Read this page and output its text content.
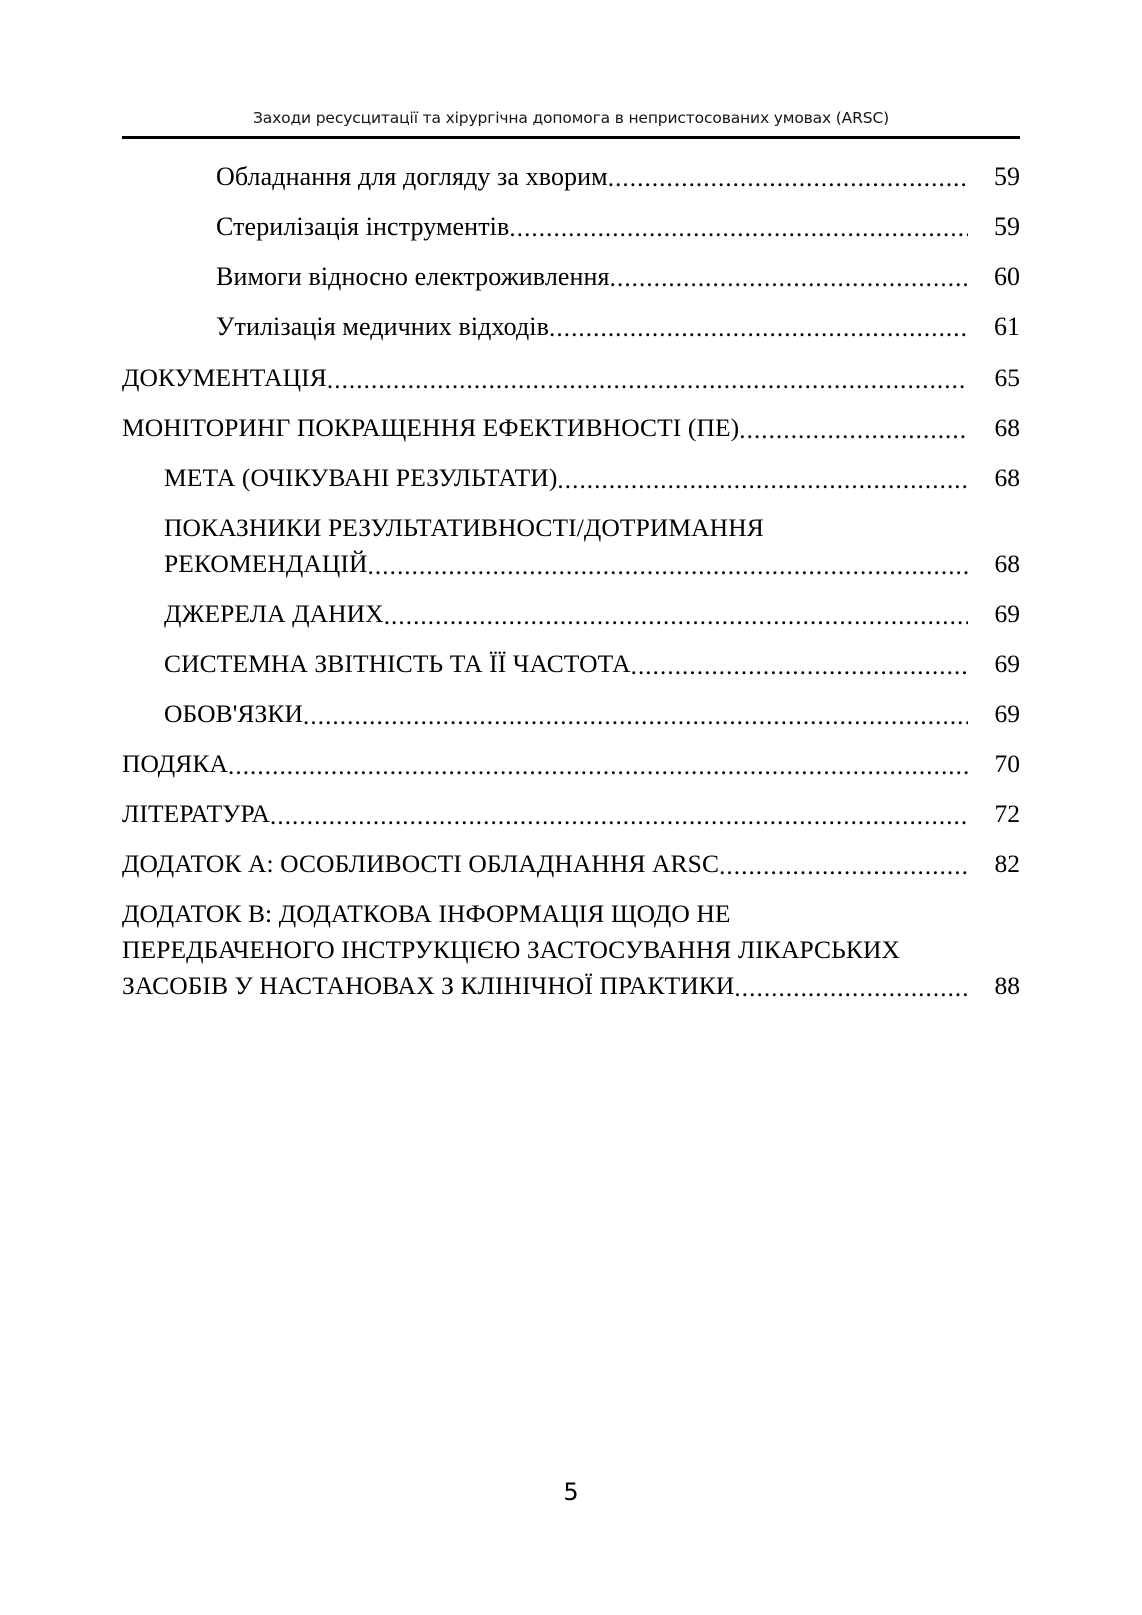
Заходи ресусцитації та хірургічна допомога в непристосованих умовах (ARSC)
Обладнання для догляду за хворим .....	59
Стерилізація інструментів .....	59
Вимоги відносно електроживлення .....	60
Утилізація медичних відходів .....	61
ДОКУМЕНТАЦІЯ .....	65
МОНІТОРИНГ ПОКРАЩЕННЯ ЕФЕКТИВНОСТІ (ПЕ) .....	68
МЕТА (ОЧІКУВАНІ РЕЗУЛЬТАТИ) .....	68
ПОКАЗНИКИ РЕЗУЛЬТАТИВНОСТІ/ДОТРИМАННЯ
РЕКОМЕНДАЦІЙ .....	68
ДЖЕРЕЛА ДАНИХ .....	69
СИСТЕМНА ЗВІТНІСТЬ ТА ЇЇ ЧАСТОТА .....	69
ОБОВ'ЯЗКИ .....	69
ПОДЯКА .....	70
ЛІТЕРАТУРА .....	72
ДОДАТОК А: ОСОБЛИВОСТІ ОБЛАДНАННЯ ARSC .....	82
ДОДАТОК В: ДОДАТКОВА ІНФОРМАЦІЯ ЩОДО НЕ
ПЕРЕДБАЧЕНОГО ІНСТРУКЦІЄЮ ЗАСТОСУВАННЯ ЛІКАРСЬКИХ
ЗАСОБІВ У НАСТАНОВАХ З КЛІНІЧНОЇ ПРАКТИКИ .....	88
5
